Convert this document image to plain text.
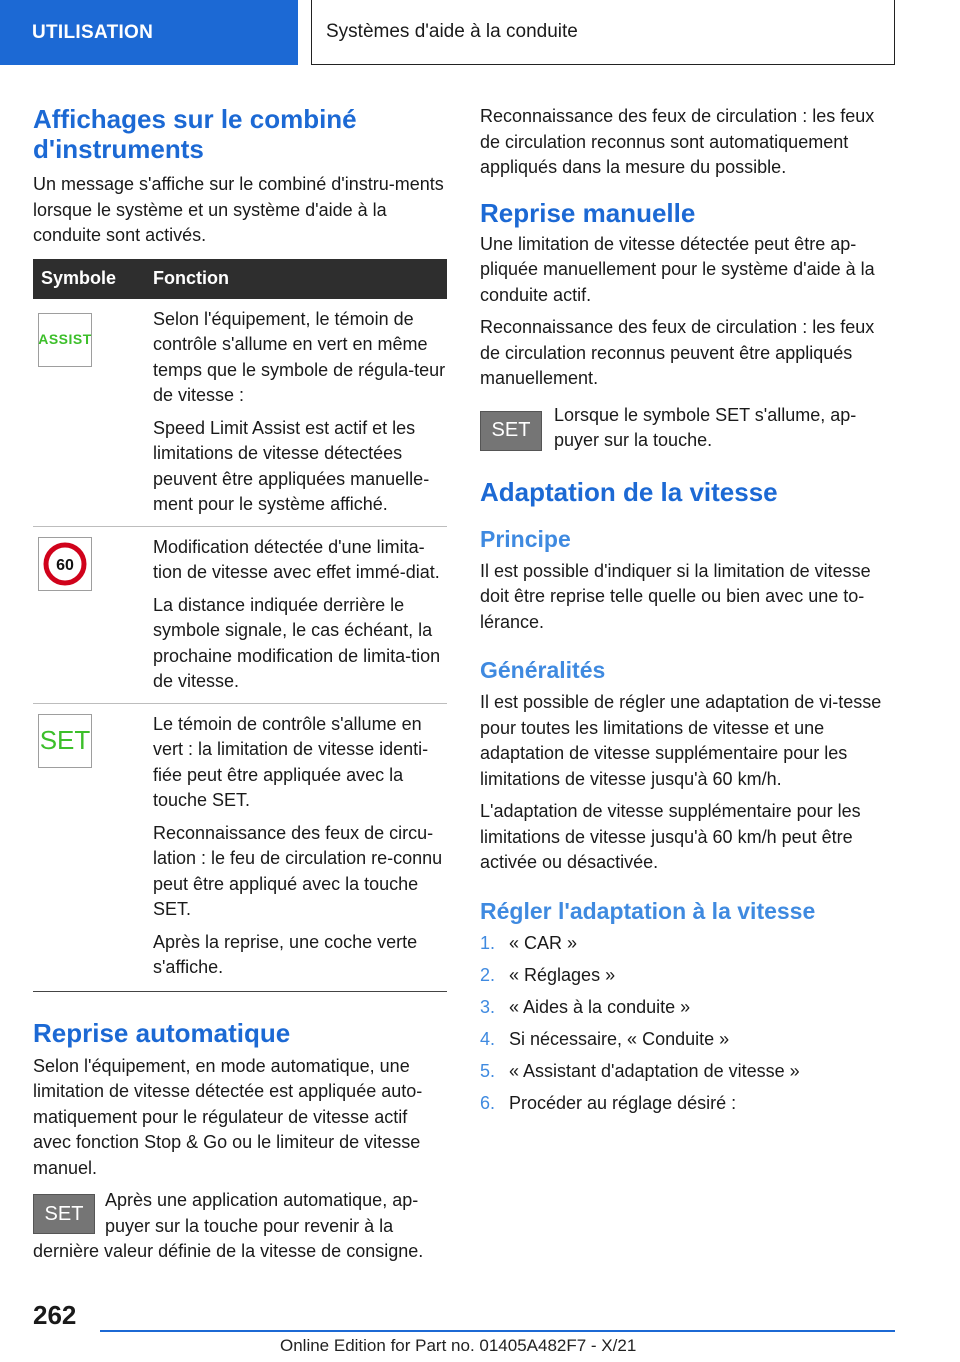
UTILISATION	Systèmes d'aide à la conduite
Affichages sur le combiné d'instruments

Un message s'affiche sur le combiné d'instru-ments lorsque le système et un système d'aide à la conduite sont activés.

Symbole	Fonction

ASSIST	Selon l'équipement, le témoin de contrôle s'allume en vert en même temps que le symbole de régula-teur de vitesse :

Speed Limit Assist est actif et les limitations de vitesse détectées peuvent être appliquées manuelle-ment pour le système affiché.

60	Modification détectée d'une limita-tion de vitesse avec effet immé-diat.

La distance indiquée derrière le symbole signale, le cas échéant, la prochaine modification de limita-tion de vitesse.

SET	Le témoin de contrôle s'allume en vert : la limitation de vitesse identi-fiée peut être appliquée avec la touche SET.

Reconnaissance des feux de circu-lation : le feu de circulation re-connu peut être appliqué avec la touche SET.

Après la reprise, une coche verte s'affiche.

Reprise automatique

Selon l'équipement, en mode automatique, une limitation de vitesse détectée est appliquée auto-matiquement pour le régulateur de vitesse actif avec fonction Stop & Go ou le limiteur de vitesse manuel.

SET

Après une application automatique, ap-puyer sur la touche pour revenir à la dernière valeur définie de la vitesse de consigne.

Reconnaissance des feux de circulation : les feux de circulation reconnus sont automatiquement appliqués dans la mesure du possible.

Reprise manuelle

Une limitation de vitesse détectée peut être ap-pliquée manuellement pour le système d'aide à la conduite actif.

Reconnaissance des feux de circulation : les feux de circulation reconnus peuvent être appliqués manuellement.

SET

Lorsque le symbole SET s'allume, ap-puyer sur la touche.

Adaptation de la vitesse
Principe

Il est possible d'indiquer si la limitation de vitesse doit être reprise telle quelle ou bien avec une to-lérance.

Généralités

Il est possible de régler une adaptation de vi-tesse pour toutes les limitations de vitesse et une adaptation de vitesse supplémentaire pour les limitations de vitesse jusqu'à 60 km/h.

L'adaptation de vitesse supplémentaire pour les limitations de vitesse jusqu'à 60 km/h peut être activée ou désactivée.

Régler l'adaptation à la vitesse
1. « CAR »
2. « Réglages »
3. « Aides à la conduite »
4. Si nécessaire, « Conduite »
5. « Assistant d'adaptation de vitesse »
6. Procéder au réglage désiré :
262
Online Edition for Part no. 01405A482F7 - X/21
